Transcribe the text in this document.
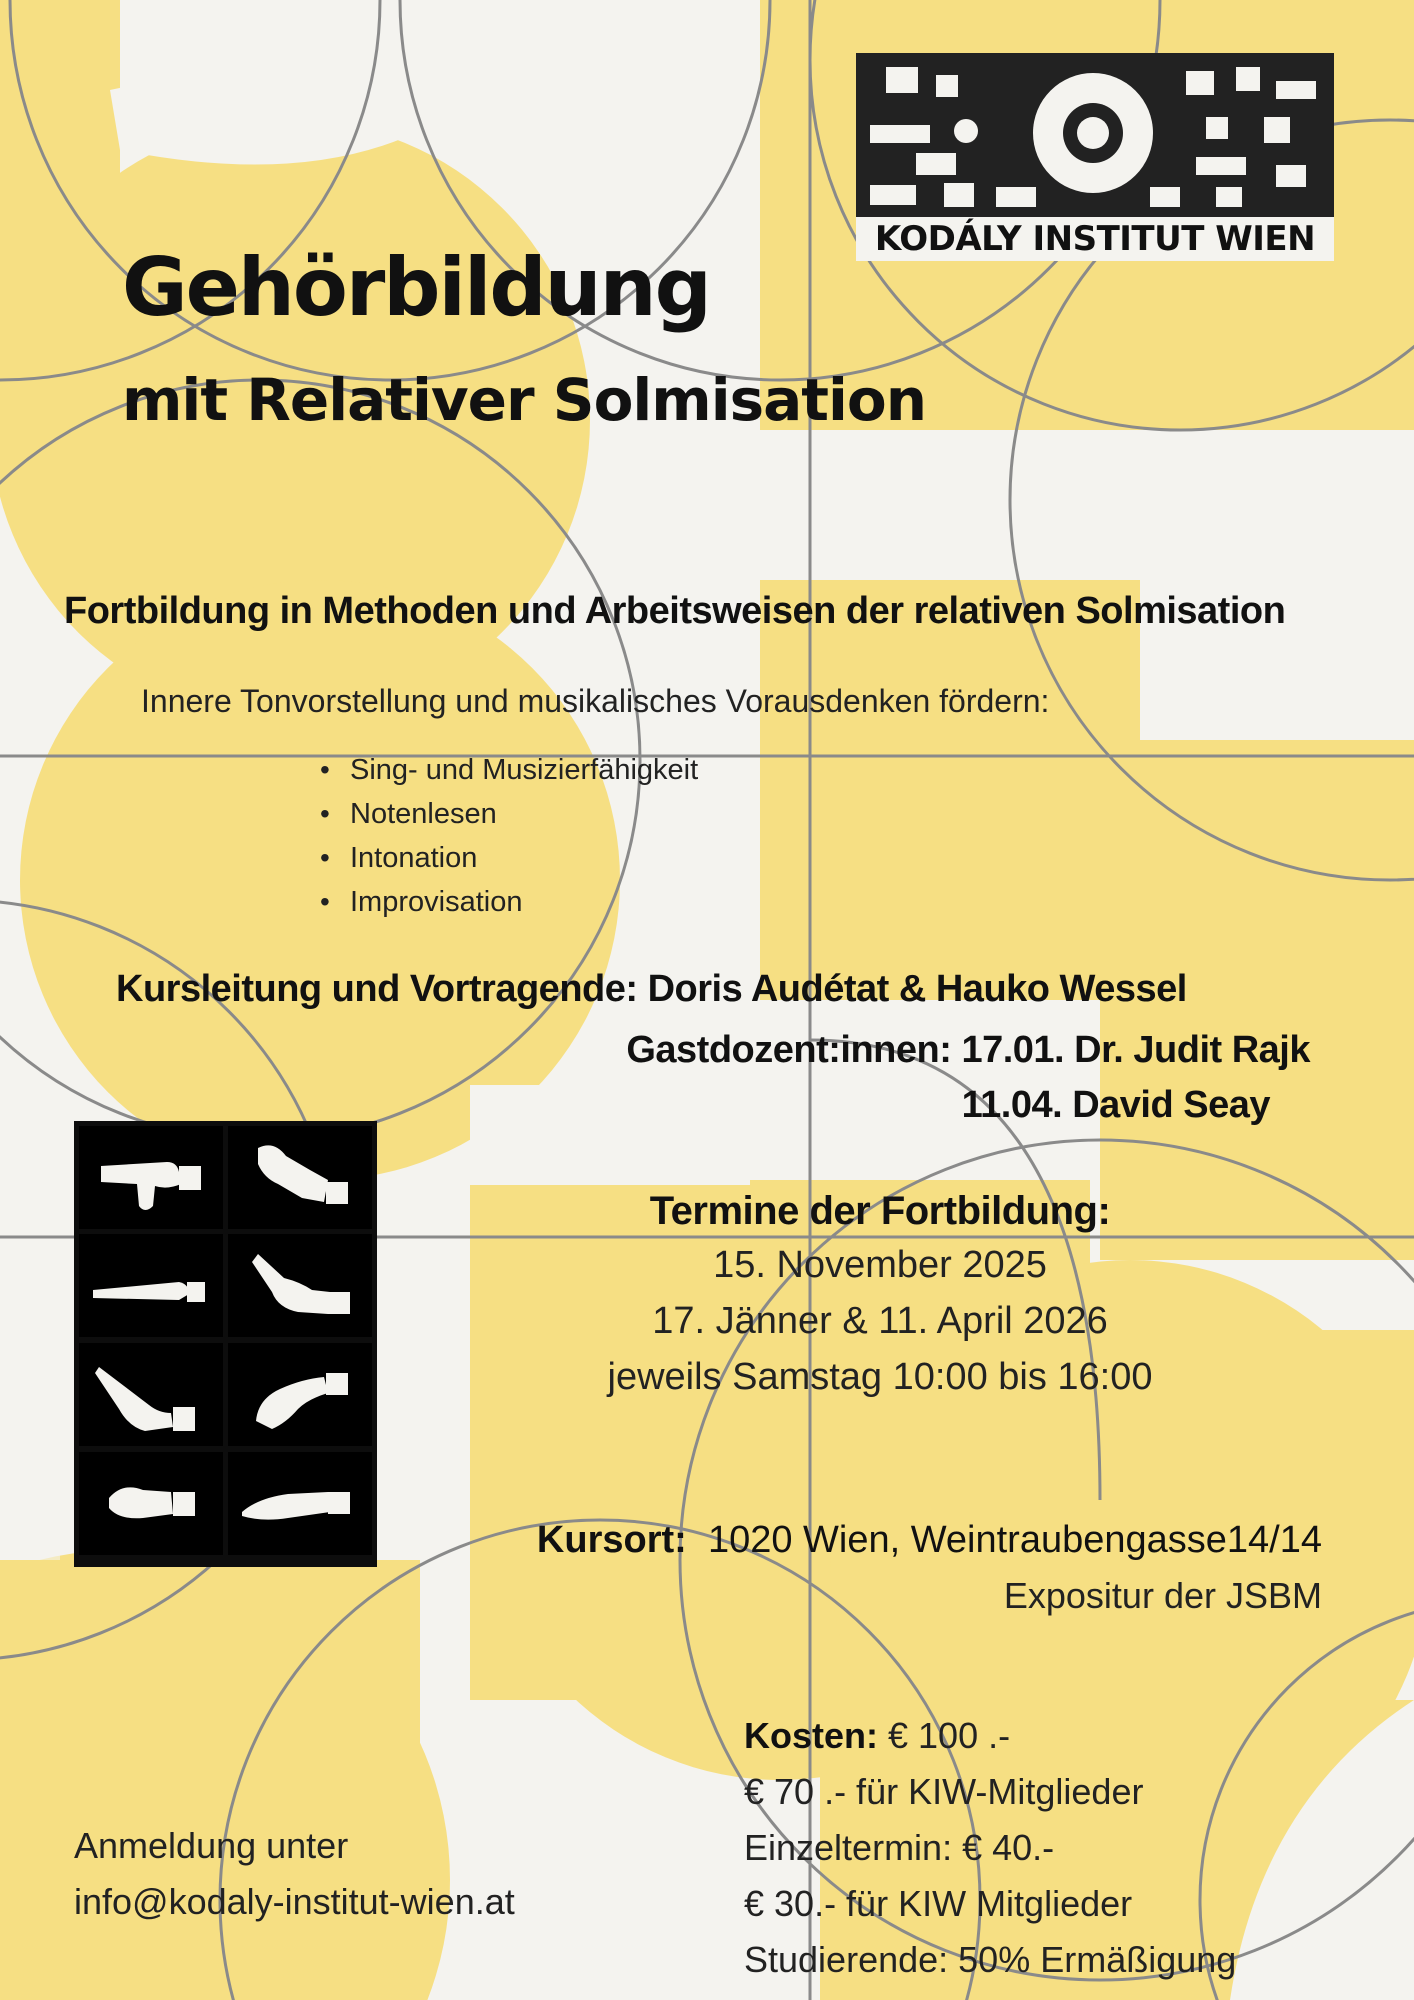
KODÁLY INSTITUT WIEN
Gehörbildung
mit Relativer Solmisation
Fortbildung in Methoden und Arbeitsweisen der relativen Solmisation
Innere Tonvorstellung und musikalisches Vorausdenken fördern:
• Sing- und Musizierfähigkeit
• Notenlesen
• Intonation
• Improvisation
Kursleitung und Vortragende: Doris Audétat & Hauko Wessel
Gastdozent:innen: 17.01. Dr. Judit Rajk
11.04. David Seay
Termine der Fortbildung:
15. November 2025
17. Jänner & 11. April 2026
jeweils Samstag 10:00 bis 16:00
Kursort: 1020 Wien, Weintraubengasse14/14
Expositur der JSBM
Kosten: € 100 .-
€ 70 .- für KIW-Mitglieder
Einzeltermin: € 40.-
€ 30.- für KIW Mitglieder
Studierende: 50% Ermäßigung
Anmeldung unter
info@kodaly-institut-wien.at
